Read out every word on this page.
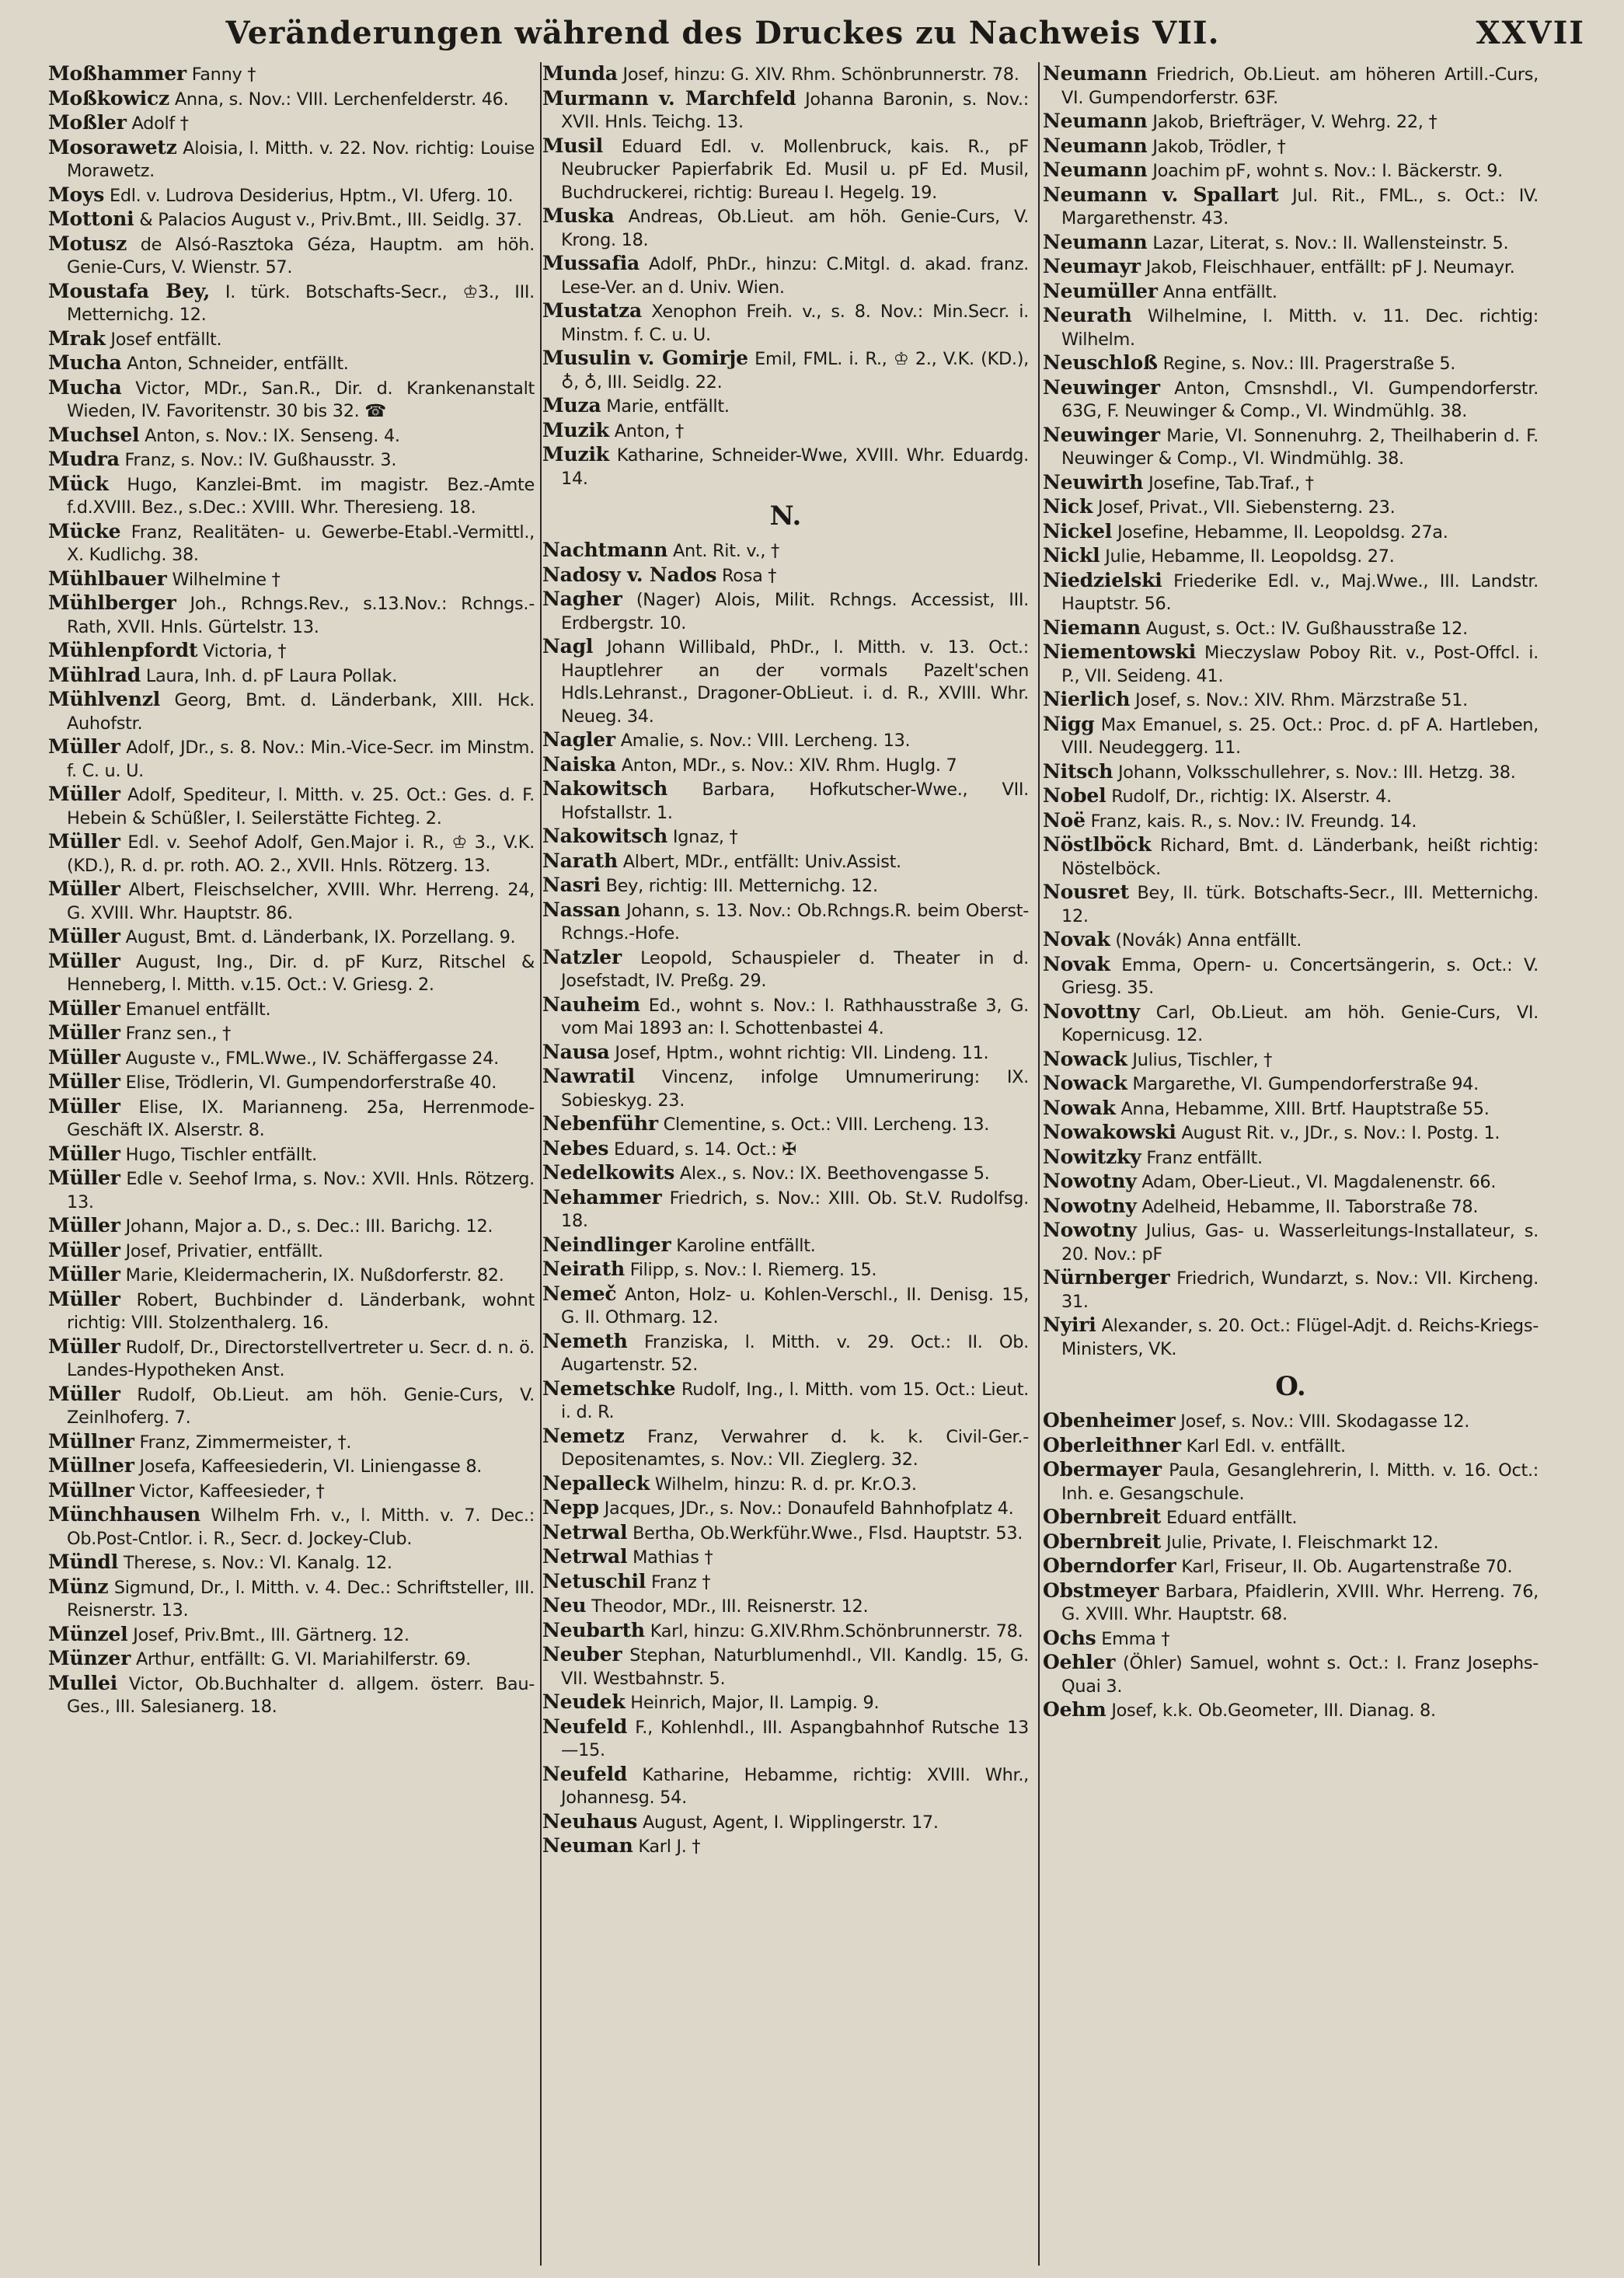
Veränderungen während des Druckes zu Nachweis VII.	XXVII
Moßhammer Fanny †
Moßkowicz Anna, s. Nov.: VIII. Lerchenfelderstr. 46.
Moßler Adolf †
Mosorawetz Aloisia, l. Mitth. v. 22. Nov. richtig: Louise Morawetz.
Moys Edl. v. Ludrova Desiderius, Hptm., VI. Uferg. 10.
Mottoni & Palacios August v., Priv.Bmt., III. Seidlg. 37.
Motusz de Alsó-Rasztoka Géza, Hauptm. am höh. Genie-Curs, V. Wienstr. 57.
Moustafa Bey, I. türk. Botschafts-Secr., ♔3., III. Metternichg. 12.
Mrak Josef entfällt.
Mucha Anton, Schneider, entfällt.
Mucha Victor, MDr., San.R., Dir. d. Krankenanstalt Wieden, IV. Favoritenstr. 30 bis 32. ☎
Muchsel Anton, s. Nov.: IX. Senseng. 4.
Mudra Franz, s. Nov.: IV. Gußhausstr. 3.
Mück Hugo, Kanzlei-Bmt. im magistr. Bez.-Amte f.d.XVIII. Bez., s.Dec.: XVIII. Whr. Theresieng. 18.
Mücke Franz, Realitäten- u. Gewerbe-Etabl.-Vermittl., X. Kudlichg. 38.
Mühlbauer Wilhelmine †
Mühlberger Joh., Rchngs.Rev., s.13.Nov.: Rchngs.-Rath, XVII. Hnls. Gürtelstr. 13.
Mühlenpfordt Victoria, †
Mühlrad Laura, Inh. d. pF Laura Pollak.
Mühlvenzl Georg, Bmt. d. Länderbank, XIII. Hck. Auhofstr.
Müller Adolf, JDr., s. 8. Nov.: Min.-Vice-Secr. im Minstm. f. C. u. U.
Müller Adolf, Spediteur, l. Mitth. v. 25. Oct.: Ges. d. F. Hebein & Schüßler, I. Seilerstätte Fichteg. 2.
Müller Edl. v. Seehof Adolf, Gen.Major i. R., ♔ 3., V.K. (KD.), R. d. pr. roth. AO. 2., XVII. Hnls. Rötzerg. 13.
Müller Albert, Fleischselcher, XVIII. Whr. Herreng. 24, G. XVIII. Whr. Hauptstr. 86.
Müller August, Bmt. d. Länderbank, IX. Porzellang. 9.
Müller August, Ing., Dir. d. pF Kurz, Ritschel & Henneberg, l. Mitth. v.15. Oct.: V. Griesg. 2.
Müller Emanuel entfällt.
Müller Franz sen., †
Müller Auguste v., FML.Wwe., IV. Schäffergasse 24.
Müller Elise, Trödlerin, VI. Gumpendorferstraße 40.
Müller Elise, IX. Marianneng. 25a, Herrenmode-Geschäft IX. Alserstr. 8.
Müller Hugo, Tischler entfällt.
Müller Edle v. Seehof Irma, s. Nov.: XVII. Hnls. Rötzerg. 13.
Müller Johann, Major a. D., s. Dec.: III. Barichg. 12.
Müller Josef, Privatier, entfällt.
Müller Marie, Kleidermacherin, IX. Nußdorferstr. 82.
Müller Robert, Buchbinder d. Länderbank, wohnt richtig: VIII. Stolzenthalerg. 16.
Müller Rudolf, Dr., Directorstellvertreter u. Secr. d. n. ö. Landes-Hypotheken Anst.
Müller Rudolf, Ob.Lieut. am höh. Genie-Curs, V. Zeinlhoferg. 7.
Müllner Franz, Zimmermeister, †.
Müllner Josefa, Kaffeesiederin, VI. Liniengasse 8.
Müllner Victor, Kaffeesieder, †
Münchhausen Wilhelm Frh. v., l. Mitth. v. 7. Dec.: Ob.Post-Cntlor. i. R., Secr. d. Jockey-Club.
Mündl Therese, s. Nov.: VI. Kanalg. 12.
Münz Sigmund, Dr., l. Mitth. v. 4. Dec.: Schriftsteller, III. Reisnerstr. 13.
Münzel Josef, Priv.Bmt., III. Gärtnerg. 12.
Münzer Arthur, entfällt: G. VI. Mariahilferstr. 69.
Mullei Victor, Ob.Buchhalter d. allgem. österr. Bau-Ges., III. Salesianerg. 18.
Munda Josef, hinzu: G. XIV. Rhm. Schönbrunnerstr. 78.
Murmann v. Marchfeld Johanna Baronin, s. Nov.: XVII. Hnls. Teichg. 13.
Musil Eduard Edl. v. Mollenbruck, kais. R., pF Neubrucker Papierfabrik Ed. Musil u. pF Ed. Musil, Buchdruckerei, richtig: Bureau I. Hegelg. 19.
Muska Andreas, Ob.Lieut. am höh. Genie-Curs, V. Krong. 18.
Mussafia Adolf, PhDr., hinzu: C.Mitgl. d. akad. franz. Lese-Ver. an d. Univ. Wien.
Mustatza Xenophon Freih. v., s. 8. Nov.: Min.Secr. i. Minstm. f. C. u. U.
Musulin v. Gomirje Emil, FML. i. R., ♔ 2., V.K. (KD.), ♁, ♁, III. Seidlg. 22.
Muza Marie, entfällt.
Muzik Anton, †
Muzik Katharine, Schneider-Wwe, XVIII. Whr. Eduardg. 14.
N.
Nachtmann Ant. Rit. v., †
Nadosy v. Nados Rosa †
Nagher (Nager) Alois, Milit. Rchngs. Accessist, III. Erdbergstr. 10.
Nagl Johann Willibald, PhDr., l. Mitth. v. 13. Oct.: Hauptlehrer an der vormals Pazelt'schen Hdls.Lehranst., Dragoner-ObLieut. i. d. R., XVIII. Whr. Neueg. 34.
Nagler Amalie, s. Nov.: VIII. Lercheng. 13.
Naiska Anton, MDr., s. Nov.: XIV. Rhm. Huglg. 7
Nakowitsch Barbara, Hofkutscher-Wwe., VII. Hofstallstr. 1.
Nakowitsch Ignaz, †
Narath Albert, MDr., entfällt: Univ.Assist.
Nasri Bey, richtig: III. Metternichg. 12.
Nassan Johann, s. 13. Nov.: Ob.Rchngs.R. beim Oberst-Rchngs.-Hofe.
Natzler Leopold, Schauspieler d. Theater in d. Josefstadt, IV. Preßg. 29.
Nauheim Ed., wohnt s. Nov.: I. Rathhausstraße 3, G. vom Mai 1893 an: I. Schottenbastei 4.
Nausa Josef, Hptm., wohnt richtig: VII. Lindeng. 11.
Nawratil Vincenz, infolge Umnumerirung: IX. Sobieskyg. 23.
Nebenführ Clementine, s. Oct.: VIII. Lercheng. 13.
Nebes Eduard, s. 14. Oct.: ✠
Nedelkowits Alex., s. Nov.: IX. Beethovengasse 5.
Nehammer Friedrich, s. Nov.: XIII. Ob. St.V. Rudolfsg. 18.
Neindlinger Karoline entfällt.
Neirath Filipp, s. Nov.: I. Riemerg. 15.
Nemeč Anton, Holz- u. Kohlen-Verschl., II. Denisg. 15, G. II. Othmarg. 12.
Nemeth Franziska, l. Mitth. v. 29. Oct.: II. Ob. Augartenstr. 52.
Nemetschke Rudolf, Ing., l. Mitth. vom 15. Oct.: Lieut. i. d. R.
Nemetz Franz, Verwahrer d. k. k. Civil-Ger.-Depositenamtes, s. Nov.: VII. Zieglerg. 32.
Nepalleck Wilhelm, hinzu: R. d. pr. Kr.O.3.
Nepp Jacques, JDr., s. Nov.: Donaufeld Bahnhofplatz 4.
Netrwal Bertha, Ob.Werkführ.Wwe., Flsd. Hauptstr. 53.
Netrwal Mathias †
Netuschil Franz †
Neu Theodor, MDr., III. Reisnerstr. 12.
Neubarth Karl, hinzu: G.XIV.Rhm.Schönbrunnerstr. 78.
Neuber Stephan, Naturblumenhdl., VII. Kandlg. 15, G. VII. Westbahnstr. 5.
Neudek Heinrich, Major, II. Lampig. 9.
Neufeld F., Kohlenhdl., III. Aspangbahnhof Rutsche 13—15.
Neufeld Katharine, Hebamme, richtig: XVIII. Whr., Johannesg. 54.
Neuhaus August, Agent, I. Wipplingerstr. 17.
Neuman Karl J. †
Neumann Friedrich, Ob.Lieut. am höheren Artill.-Curs, VI. Gumpendorferstr. 63F.
Neumann Jakob, Briefträger, V. Wehrg. 22, †
Neumann Jakob, Trödler, †
Neumann Joachim pF, wohnt s. Nov.: I. Bäckerstr. 9.
Neumann v. Spallart Jul. Rit., FML., s. Oct.: IV. Margarethenstr. 43.
Neumann Lazar, Literat, s. Nov.: II. Wallensteinstr. 5.
Neumayr Jakob, Fleischhauer, entfällt: pF J. Neumayr.
Neumüller Anna entfällt.
Neurath Wilhelmine, l. Mitth. v. 11. Dec. richtig: Wilhelm.
Neuschloß Regine, s. Nov.: III. Pragerstraße 5.
Neuwinger Anton, Cmsnshdl., VI. Gumpendorferstr. 63G, F. Neuwinger & Comp., VI. Windmühlg. 38.
Neuwinger Marie, VI. Sonnenuhrg. 2, Theilhaberin d. F. Neuwinger & Comp., VI. Windmühlg. 38.
Neuwirth Josefine, Tab.Traf., †
Nick Josef, Privat., VII. Siebensterng. 23.
Nickel Josefine, Hebamme, II. Leopoldsg. 27a.
Nickl Julie, Hebamme, II. Leopoldsg. 27.
Niedzielski Friederike Edl. v., Maj.Wwe., III. Landstr. Hauptstr. 56.
Niemann August, s. Oct.: IV. Gußhausstraße 12.
Niementowski Mieczyslaw Poboy Rit. v., Post-Offcl. i. P., VII. Seideng. 41.
Nierlich Josef, s. Nov.: XIV. Rhm. Märzstraße 51.
Nigg Max Emanuel, s. 25. Oct.: Proc. d. pF A. Hartleben, VIII. Neudeggerg. 11.
Nitsch Johann, Volksschullehrer, s. Nov.: III. Hetzg. 38.
Nobel Rudolf, Dr., richtig: IX. Alserstr. 4.
Noë Franz, kais. R., s. Nov.: IV. Freundg. 14.
Nöstlböck Richard, Bmt. d. Länderbank, heißt richtig: Nöstelböck.
Nousret Bey, II. türk. Botschafts-Secr., III. Metternichg. 12.
Novak (Novák) Anna entfällt.
Novak Emma, Opern- u. Concertsängerin, s. Oct.: V. Griesg. 35.
Novottny Carl, Ob.Lieut. am höh. Genie-Curs, VI. Kopernicusg. 12.
Nowack Julius, Tischler, †
Nowack Margarethe, VI. Gumpendorferstraße 94.
Nowak Anna, Hebamme, XIII. Brtf. Hauptstraße 55.
Nowakowski August Rit. v., JDr., s. Nov.: I. Postg. 1.
Nowitzky Franz entfällt.
Nowotny Adam, Ober-Lieut., VI. Magdalenenstr. 66.
Nowotny Adelheid, Hebamme, II. Taborstraße 78.
Nowotny Julius, Gas- u. Wasserleitungs-Installateur, s. 20. Nov.: pF
Nürnberger Friedrich, Wundarzt, s. Nov.: VII. Kircheng. 31.
Nyiri Alexander, s. 20. Oct.: Flügel-Adjt. d. Reichs-Kriegs-Ministers, VK.
O.
Obenheimer Josef, s. Nov.: VIII. Skodagasse 12.
Oberleithner Karl Edl. v. entfällt.
Obermayer Paula, Gesanglehrerin, l. Mitth. v. 16. Oct.: Inh. e. Gesangschule.
Obernbreit Eduard entfällt.
Obernbreit Julie, Private, I. Fleischmarkt 12.
Oberndorfer Karl, Friseur, II. Ob. Augartenstraße 70.
Obstmeyer Barbara, Pfaidlerin, XVIII. Whr. Herreng. 76, G. XVIII. Whr. Hauptstr. 68.
Ochs Emma †
Oehler (Öhler) Samuel, wohnt s. Oct.: I. Franz Josephs-Quai 3.
Oehm Josef, k.k. Ob.Geometer, III. Dianag. 8.
